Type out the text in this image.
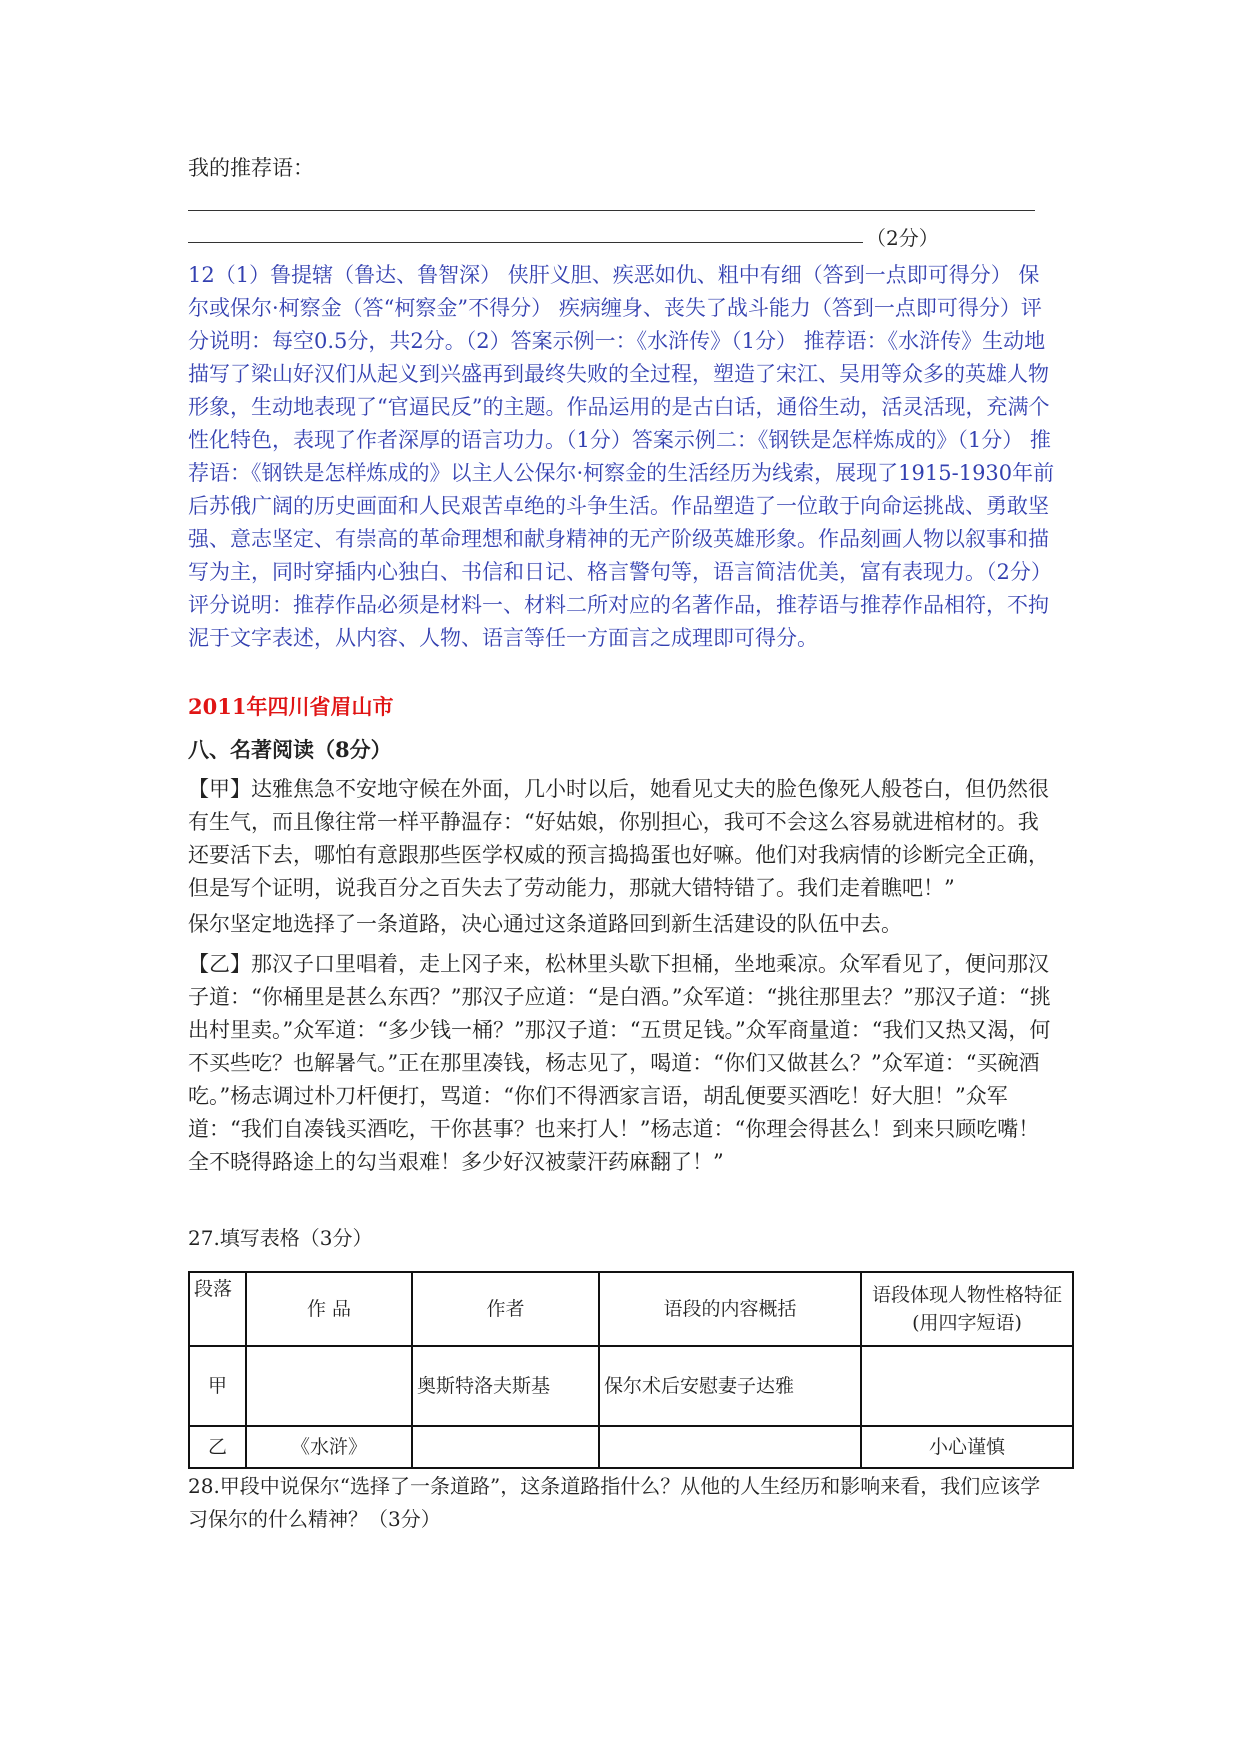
我的推荐语：

（2分）

12（1）鲁提辖（鲁达、鲁智深） 侠肝义胆、疾恶如仇、粗中有细（答到一点即可得分） 保尔或保尔·柯察金（答“柯察金”不得分） 疾病缠身、丧失了战斗能力（答到一点即可得分）评分说明：每空0.5分，共2分。（2）答案示例一：《水浒传》（1分） 推荐语：《水浒传》生动地描写了梁山好汉们从起义到兴盛再到最终失败的全过程，塑造了宋江、吴用等众多的英雄人物形象，生动地表现了“官逼民反”的主题。作品运用的是古白话，通俗生动，活灵活现，充满个性化特色，表现了作者深厚的语言功力。（1分）答案示例二：《钢铁是怎样炼成的》（1分） 推荐语：《钢铁是怎样炼成的》以主人公保尔·柯察金的生活经历为线索，展现了1915-1930年前后苏俄广阔的历史画面和人民艰苦卓绝的斗争生活。作品塑造了一位敢于向命运挑战、勇敢坚强、意志坚定、有崇高的革命理想和献身精神的无产阶级英雄形象。作品刻画人物以叙事和描写为主，同时穿插内心独白、书信和日记、格言警句等，语言简洁优美，富有表现力。（2分）评分说明：推荐作品必须是材料一、材料二所对应的名著作品，推荐语与推荐作品相符，不拘泥于文字表述，从内容、人物、语言等任一方面言之成理即可得分。

2011年四川省眉山市

八、名著阅读（8分）

【甲】达雅焦急不安地守候在外面，几小时以后，她看见丈夫的脸色像死人般苍白，但仍然很有生气，而且像往常一样平静温存：“好姑娘，你别担心，我可不会这么容易就进棺材的。我还要活下去，哪怕有意跟那些医学权威的预言捣捣蛋也好嘛。他们对我病情的诊断完全正确，但是写个证明，说我百分之百失去了劳动能力，那就大错特错了。我们走着瞧吧！”

保尔坚定地选择了一条道路，决心通过这条道路回到新生活建设的队伍中去。

【乙】那汉子口里唱着，走上冈子来，松林里头歇下担桶，坐地乘凉。众军看见了，便问那汉子道：“你桶里是甚么东西？”那汉子应道：“是白酒。”众军道：“挑往那里去？”那汉子道：“挑出村里卖。”众军道：“多少钱一桶？”那汉子道：“五贯足钱。”众军商量道：“我们又热又渴，何不买些吃？也解暑气。”正在那里凑钱，杨志见了，喝道：“你们又做甚么？”众军道：“买碗酒吃。”杨志调过朴刀杆便打，骂道：“你们不得洒家言语，胡乱便要买酒吃！好大胆！”众军道：“我们自凑钱买酒吃，干你甚事？也来打人！”杨志道：“你理会得甚么！到来只顾吃嘴！全不晓得路途上的勾当艰难！多少好汉被蒙汗药麻翻了！”

27.填写表格（3分）

段落	作 品	作者	语段的内容概括	语段体现人物性格特征(用四字短语)
甲		奥斯特洛夫斯基	保尔术后安慰妻子达雅	
乙	《水浒》			小心谨慎

28.甲段中说保尔“选择了一条道路”，这条道路指什么？从他的人生经历和影响来看，我们应该学习保尔的什么精神？（3分）
